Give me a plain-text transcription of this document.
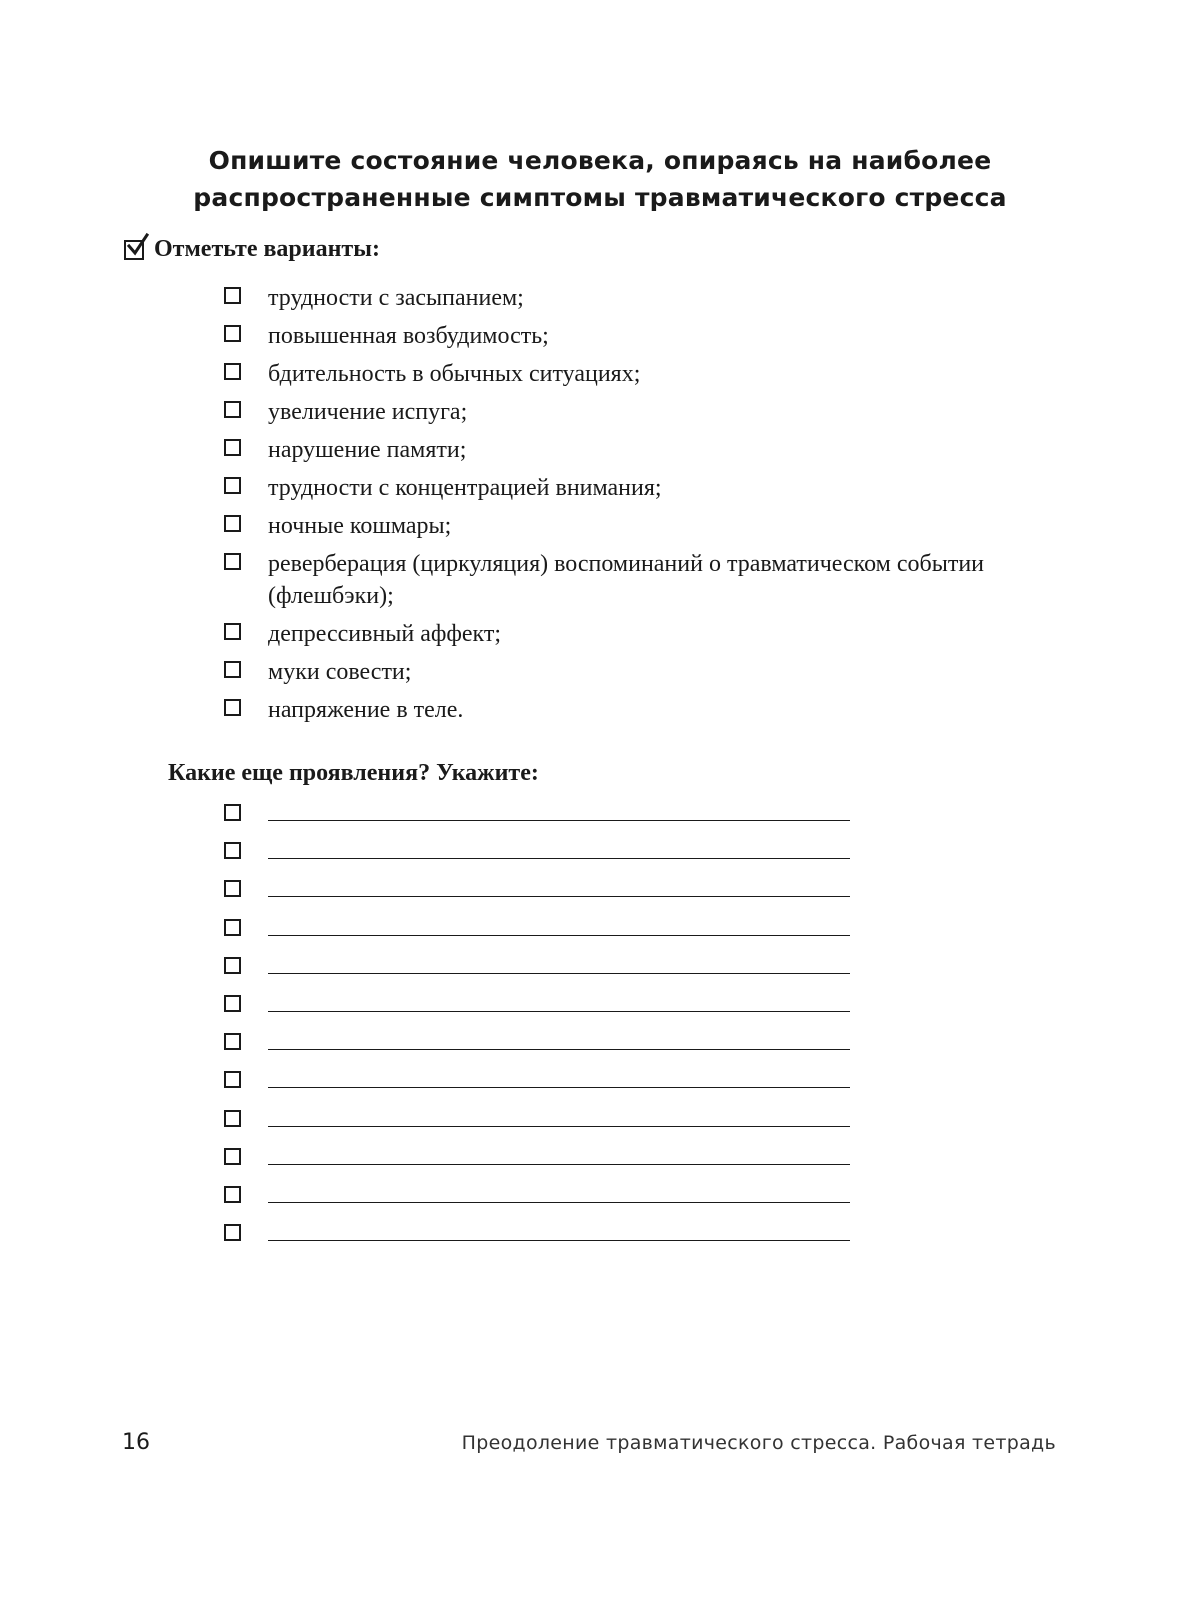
Опишите состояние человека, опираясь на наиболее
распространенные симптомы травматического стресса
Отметьте варианты:
трудности с засыпанием;
повышенная возбудимость;
бдительность в обычных ситуациях;
увеличение испуга;
нарушение памяти;
трудности с концентрацией внимания;
ночные кошмары;
реверберация (циркуляция) воспоминаний о травматическом событии (флешбэки);
депрессивный аффект;
муки совести;
напряжение в теле.

Какие еще проявления? Укажите:

16	Преодоление травматического стресса. Рабочая тетрадь
